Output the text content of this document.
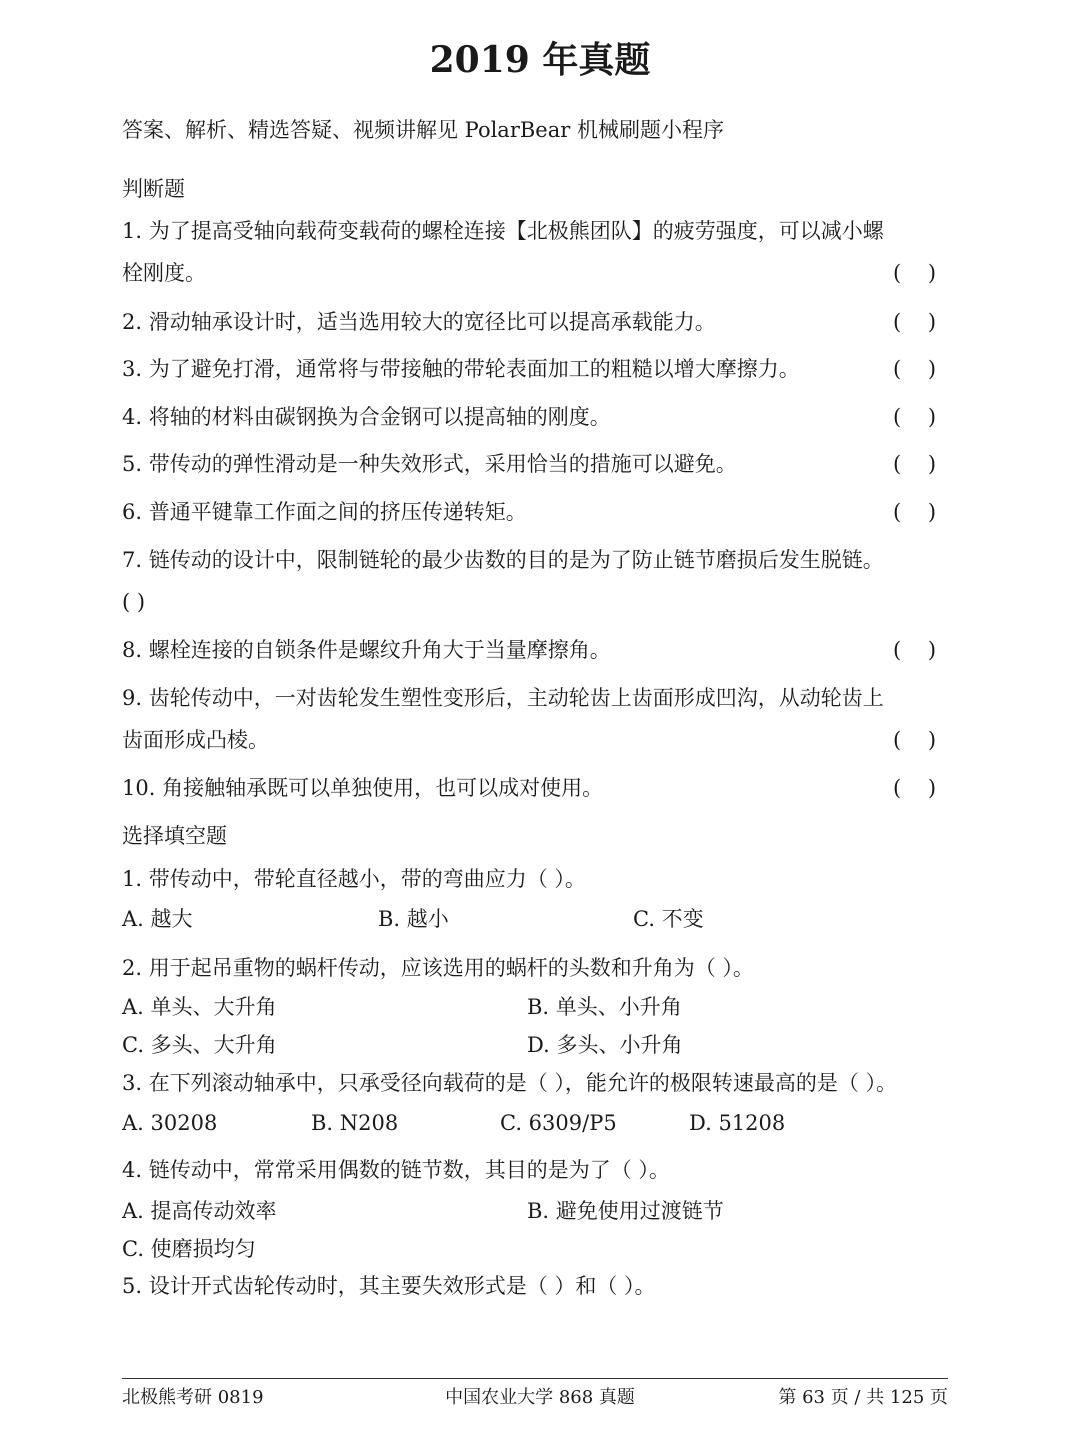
2019 年真题
答案、解析、精选答疑、视频讲解见 PolarBear 机械刷题小程序
判断题
1. 为了提高受轴向载荷变载荷的螺栓连接【北极熊团队】的疲劳强度，可以减小螺
栓刚度。	(    )
2. 滑动轴承设计时，适当选用较大的宽径比可以提高承载能力。	(    )
3. 为了避免打滑，通常将与带接触的带轮表面加工的粗糙以增大摩擦力。	(    )
4. 将轴的材料由碳钢换为合金钢可以提高轴的刚度。	(    )
5. 带传动的弹性滑动是一种失效形式，采用恰当的措施可以避免。	(    )
6. 普通平键靠工作面之间的挤压传递转矩。	(    )
7. 链传动的设计中，限制链轮的最少齿数的目的是为了防止链节磨损后发生脱链。
( )
8. 螺栓连接的自锁条件是螺纹升角大于当量摩擦角。	(    )
9. 齿轮传动中，一对齿轮发生塑性变形后，主动轮齿上齿面形成凹沟，从动轮齿上
齿面形成凸棱。	(    )
10. 角接触轴承既可以单独使用，也可以成对使用。	(    )
选择填空题
1. 带传动中，带轮直径越小，带的弯曲应力（ ）。
A. 越大	B. 越小	C. 不变
2. 用于起吊重物的蜗杆传动，应该选用的蜗杆的头数和升角为（ ）。
A. 单头、大升角	B. 单头、小升角
C. 多头、大升角	D. 多头、小升角
3. 在下列滚动轴承中，只承受径向载荷的是（ ），能允许的极限转速最高的是（ ）。
A. 30208	B. N208	C. 6309/P5	D. 51208
4. 链传动中，常常采用偶数的链节数，其目的是为了（ ）。
A. 提高传动效率	B. 避免使用过渡链节
C. 使磨损均匀
5. 设计开式齿轮传动时，其主要失效形式是（ ）和（ ）。
北极熊考研 0819	中国农业大学 868 真题	第 63 页 / 共 125 页
